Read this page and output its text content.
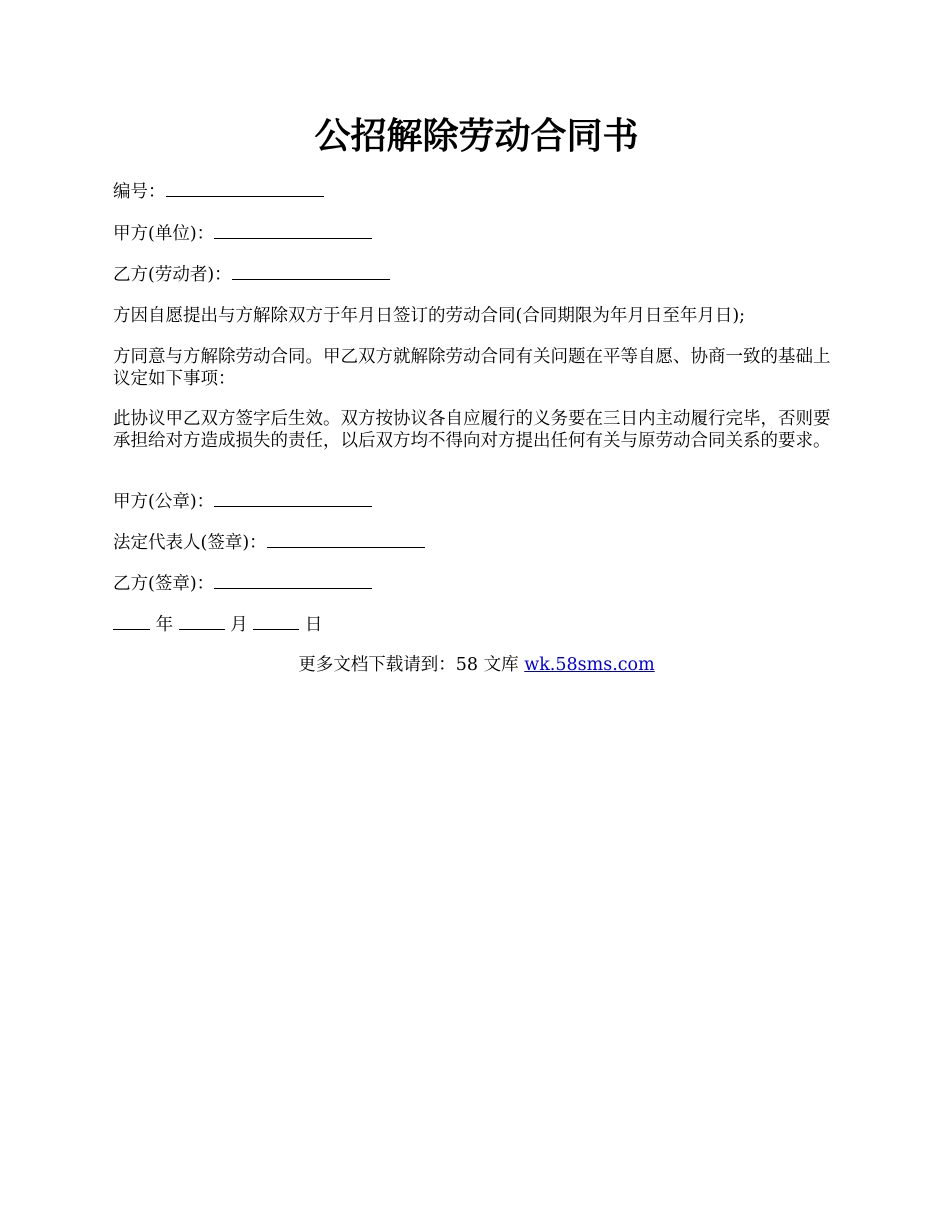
公招解除劳动合同书

编号：

甲方(单位)：

乙方(劳动者)：

方因自愿提出与方解除双方于年月日签订的劳动合同(合同期限为年月日至年月日);

方同意与方解除劳动合同。甲乙双方就解除劳动合同有关问题在平等自愿、协商一致的基础上议定如下事项：

此协议甲乙双方签字后生效。双方按协议各自应履行的义务要在三日内主动履行完毕，否则要承担给对方造成损失的责任，以后双方均不得向对方提出任何有关与原劳动合同关系的要求。

甲方(公章)：

法定代表人(签章)：

乙方(签章)：

年	月	日

更多文档下载请到：58 文库 wk.58sms.com
